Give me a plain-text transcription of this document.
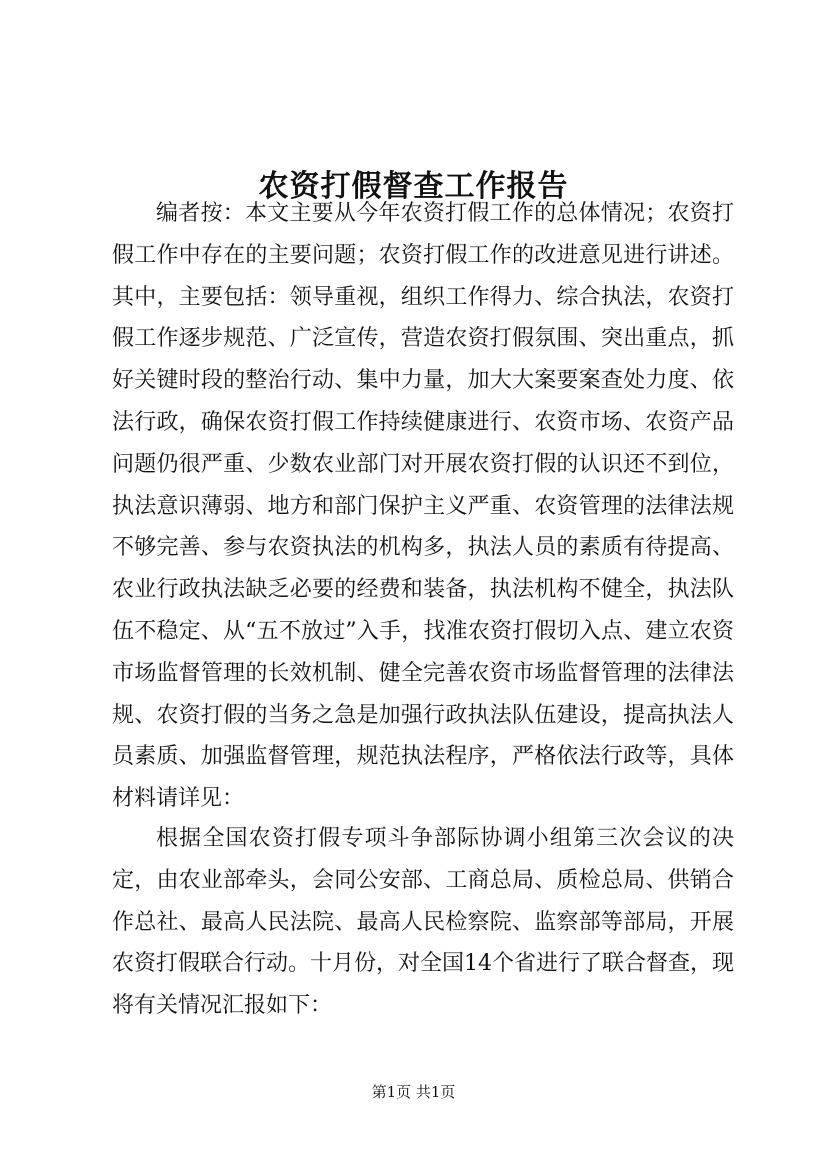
农资打假督查工作报告

编者按：本文主要从今年农资打假工作的总体情况；农资打假工作中存在的主要问题；农资打假工作的改进意见进行讲述。其中，主要包括：领导重视，组织工作得力、综合执法，农资打假工作逐步规范、广泛宣传，营造农资打假氛围、突出重点，抓好关键时段的整治行动、集中力量，加大大案要案查处力度、依法行政，确保农资打假工作持续健康进行、农资市场、农资产品问题仍很严重、少数农业部门对开展农资打假的认识还不到位，执法意识薄弱、地方和部门保护主义严重、农资管理的法律法规不够完善、参与农资执法的机构多，执法人员的素质有待提高、农业行政执法缺乏必要的经费和装备，执法机构不健全，执法队伍不稳定、从“五不放过”入手，找准农资打假切入点、建立农资市场监督管理的长效机制、健全完善农资市场监督管理的法律法规、农资打假的当务之急是加强行政执法队伍建设，提高执法人员素质、加强监督管理，规范执法程序，严格依法行政等，具体材料请详见：

根据全国农资打假专项斗争部际协调小组第三次会议的决定，由农业部牵头，会同公安部、工商总局、质检总局、供销合作总社、最高人民法院、最高人民检察院、监察部等部局，开展农资打假联合行动。十月份，对全国14个省进行了联合督查，现将有关情况汇报如下：

第1页 共1页
